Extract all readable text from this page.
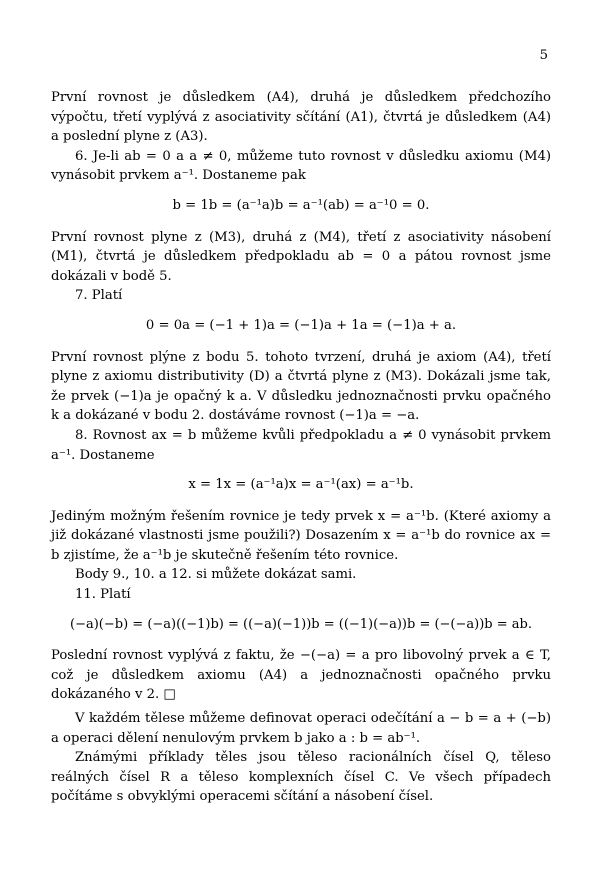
5

První rovnost je důsledkem (A4), druhá je důsledkem předchozího výpočtu, třetí vyplývá z asociativity sčítání (A1), čtvrtá je důsledkem (A4) a poslední plyne z (A3).

6. Je-li ab = 0 a a ≠ 0, můžeme tuto rovnost v důsledku axiomu (M4) vynásobit prvkem a⁻¹. Dostaneme pak

b = 1b = (a⁻¹a)b = a⁻¹(ab) = a⁻¹0 = 0.

První rovnost plyne z (M3), druhá z (M4), třetí z asociativity násobení (M1), čtvrtá je důsledkem předpokladu ab = 0 a pátou rovnost jsme dokázali v bodě 5.

7. Platí

0 = 0a = (−1 + 1)a = (−1)a + 1a = (−1)a + a.

První rovnost plýne z bodu 5. tohoto tvrzení, druhá je axiom (A4), třetí plyne z axiomu distributivity (D) a čtvrtá plyne z (M3). Dokázali jsme tak, že prvek (−1)a je opačný k a. V důsledku jednoznačnosti prvku opačného k a dokázané v bodu 2. dostáváme rovnost (−1)a = −a.

8. Rovnost ax = b můžeme kvůli předpokladu a ≠ 0 vynásobit prvkem a⁻¹. Dostaneme

x = 1x = (a⁻¹a)x = a⁻¹(ax) = a⁻¹b.

Jediným možným řešením rovnice je tedy prvek x = a⁻¹b. (Které axiomy a již dokázané vlastnosti jsme použili?) Dosazením x = a⁻¹b do rovnice ax = b zjistíme, že a⁻¹b je skutečně řešením této rovnice.

Body 9., 10. a 12. si můžete dokázat sami.

11. Platí

(−a)(−b) = (−a)((−1)b) = ((−a)(−1))b = ((−1)(−a))b = (−(−a))b = ab.

Poslední rovnost vyplývá z faktu, že −(−a) = a pro libovolný prvek a ∈ T, což je důsledkem axiomu (A4) a jednoznačnosti opačného prvku dokázaného v 2. □

V každém tělese můžeme definovat operaci odečítání a − b = a + (−b) a operaci dělení nenulovým prvkem b jako a : b = ab⁻¹.

Známými příklady těles jsou těleso racionálních čísel Q, těleso reálných čísel R a těleso komplexních čísel C. Ve všech případech počítáme s obvyklými operacemi sčítání a násobení čísel.
